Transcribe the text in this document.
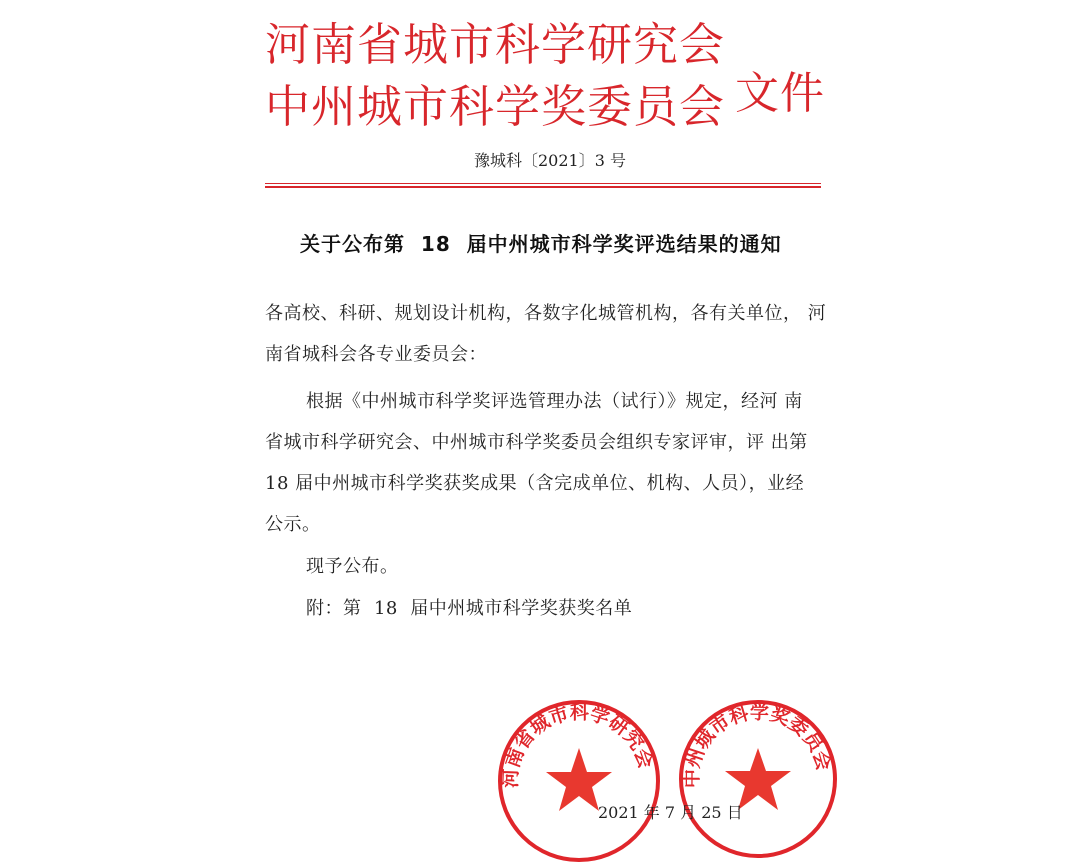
河南省城市科学研究会
中州城市科学奖委员会 文件
豫城科〔2021〕3 号
关于公布第  18  届中州城市科学奖评选结果的通知
各高校、科研、规划设计机构，各数字化城管机构，各有关单位， 河
南省城科会各专业委员会：
根据《中州城市科学奖评选管理办法（试行）》规定，经河 南
省城市科学研究会、中州城市科学奖委员会组织专家评审，评 出第
18 届中州城市科学奖获奖成果（含完成单位、机构、人员），业经
公示。
现予公布。
附：第  18  届中州城市科学奖获奖名单
河南省城市科学研究会
中州城市科学奖委员会
2021 年 7 月 25 日
